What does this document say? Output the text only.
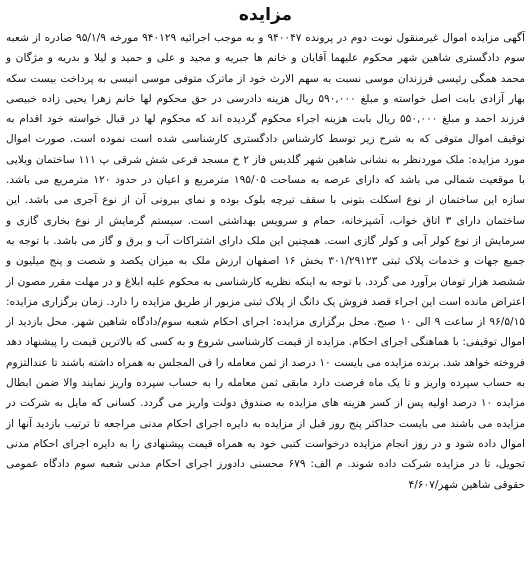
مزایده

آگهی مزایده اموال غیرمنقول نوبت دوم در پرونده ۹۴۰۰۴۷ و به موجب اجرائیه ۹۴۰۱۲۹ مورخه ۹۵/۱/۹ صادره از شعبه سوم دادگستری شاهین شهر محکوم علیهما آقایان و خانم ها جبریه و مجید و علی و حمید و لیلا و بدریه و مژگان و محمد همگی رئیسی فرزندان موسی نسبت به سهم الارث خود از ماترک متوفی موسی انیسی به پرداخت بیست سکه بهار آزادی بابت اصل خواسته و مبلغ ۵۹۰,۰۰۰ ریال هزینه دادرسی در حق محکوم لها خانم زهرا یحیی زاده خبیصی فرزند احمد و مبلغ ۵۵۰,۰۰۰ ریال بابت هزینه اجراء محکوم گردیده اند که محکوم لها در قبال خواسته خود اقدام به توقیف اموال متوفی که به شرح زیر توسط کارشناس دادگستری کارشناسی شده است نموده است. صورت اموال مورد مزایده: ملک موردنظر به نشانی شاهین شهر گلدیس فاز ۲ خ مسجد فرعی شش شرقی پ ۱۱۱ ساختمان ویلایی با موقعیت شمالی می باشد که دارای عرصه به مساحت ۱۹۵/۰۵ مترمربع و اعیان در حدود ۱۲۰ مترمربع می باشد. سازه این ساختمان از نوع اسکلت بتونی با سقف تیرچه بلوک بوده و نمای بیرونی آن از نوع آجری می باشد. این ساختمان دارای ۳ اتاق خواب، آشپزخانه، حمام و سرویس بهداشتی است. سیستم گرمایش از نوع بخاری گازی و سرمایش از نوع کولر آبی و کولر گازی است. همچنین این ملک دارای اشتراکات آب و برق و گاز می باشد. با توجه به جمیع جهات و خدمات پلاک ثبتی ۳۰۱/۲۹۱۲۳ بخش ۱۶ اصفهان ارزش ملک به میزان یکصد و شصت و پنج میلیون و ششصد هزار تومان برآورد می گردد. با توجه به اینکه نظریه کارشناسی به محکوم علیه ابلاغ و در مهلت مقرر مصون از اعتراض مانده است این اجراء قصد فروش یک دانگ از پلاک ثبتی مزبور از طریق مزایده را دارد. زمان برگزاری مزایده: ۹۶/۵/۱۵ از ساعت ۹ الی ۱۰ صبح. محل برگزاری مزایده: اجرای احکام شعبه سوم/دادگاه شاهین شهر. محل بازدید از اموال توقیفی: با هماهنگی اجرای احکام. مزایده از قیمت کارشناسی شروع و به کسی که بالاترین قیمت را پیشنهاد دهد فروخته خواهد شد. برنده مزایده می بایست ۱۰ درصد از ثمن معامله را فی المجلس به همراه داشته باشند تا عندالتزوم به حساب سپرده واریز و تا یک ماه فرصت دارد مابقی ثمن معامله را به حساب سپرده واریز نمایند والا ضمن ابطال مزایده ۱۰ درصد اولیه پس از کسر هزینه های مزایده به صندوق دولت واریز می گردد. کسانی که مایل به شرکت در مزایده می باشند می بایست حداکثر پنج روز قبل از مزایده به دایره اجرای احکام مدنی مراجعه تا ترتیب بازدید آنها از اموال داده شود و در روز انجام مزایده درخواست کتبی خود به همراه قیمت پیشنهادی را به دایره اجرای احکام مدنی تحویل، تا در مزایده شرکت داده شوند. م الف: ۶۷۹ محسنی دادورز اجرای احکام مدنی شعبه سوم دادگاه عمومی حقوقی شاهین شهر/۴/۶۰۷
